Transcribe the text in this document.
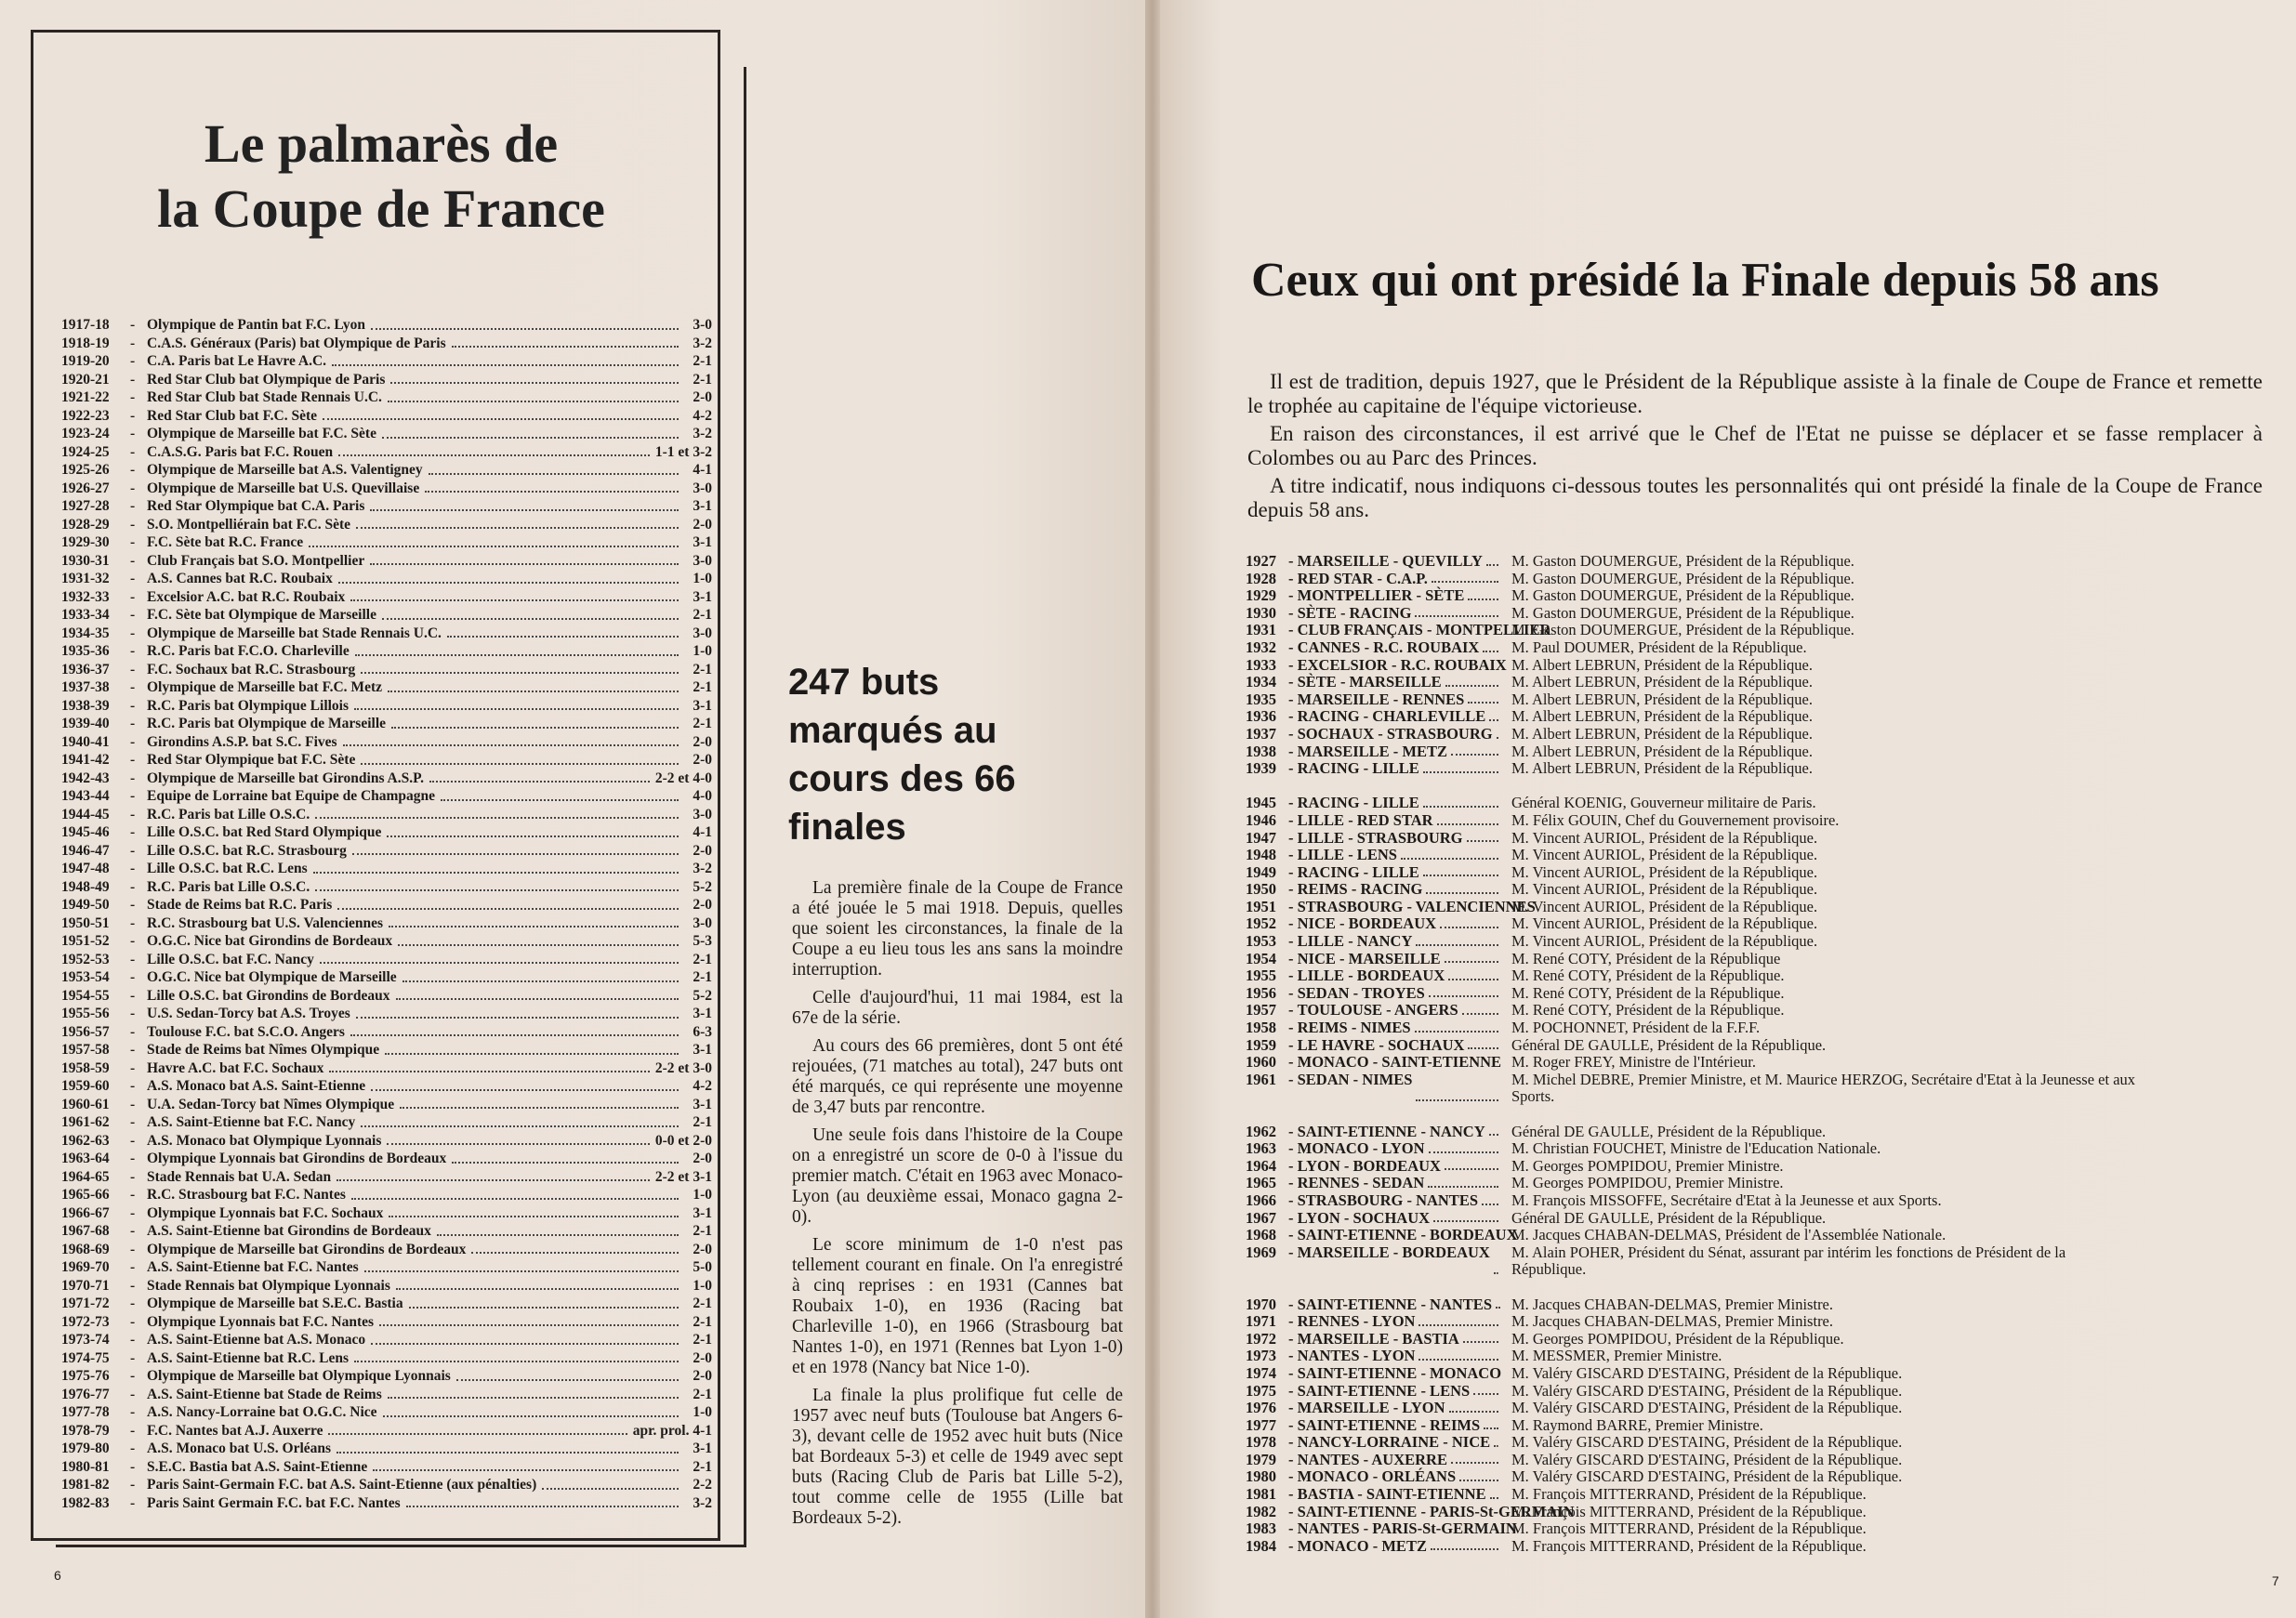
Le palmarès de
la Coupe de France
1917-18	- Olympique de Pantin bat F.C. Lyon	3-0
1918-19	- C.A.S. Généraux (Paris) bat Olympique de Paris	3-2
1919-20	- C.A. Paris bat Le Havre A.C.	2-1
1920-21	- Red Star Club bat Olympique de Paris	2-1
1921-22	- Red Star Club bat Stade Rennais U.C.	2-0
1922-23	- Red Star Club bat F.C. Sète	4-2
1923-24	- Olympique de Marseille bat F.C. Sète	3-2
1924-25	- C.A.S.G. Paris bat F.C. Rouen	1-1 et 3-2
1925-26	- Olympique de Marseille bat A.S. Valentigney	4-1
1926-27	- Olympique de Marseille bat U.S. Quevillaise	3-0
1927-28	- Red Star Olympique bat C.A. Paris	3-1
1928-29	- S.O. Montpelliérain bat F.C. Sète	2-0
1929-30	- F.C. Sète bat R.C. France	3-1
1930-31	- Club Français bat S.O. Montpellier	3-0
1931-32	- A.S. Cannes bat R.C. Roubaix	1-0
1932-33	- Excelsior A.C. bat R.C. Roubaix	3-1
1933-34	- F.C. Sète bat Olympique de Marseille	2-1
1934-35	- Olympique de Marseille bat Stade Rennais U.C.	3-0
1935-36	- R.C. Paris bat F.C.O. Charleville	1-0
1936-37	- F.C. Sochaux bat R.C. Strasbourg	2-1
1937-38	- Olympique de Marseille bat F.C. Metz	2-1
1938-39	- R.C. Paris bat Olympique Lillois	3-1
1939-40	- R.C. Paris bat Olympique de Marseille	2-1
1940-41	- Girondins A.S.P. bat S.C. Fives	2-0
1941-42	- Red Star Olympique bat F.C. Sète	2-0
1942-43	- Olympique de Marseille bat Girondins A.S.P.	2-2 et 4-0
1943-44	- Equipe de Lorraine bat Equipe de Champagne	4-0
1944-45	- R.C. Paris bat Lille O.S.C.	3-0
1945-46	- Lille O.S.C. bat Red Stard Olympique	4-1
1946-47	- Lille O.S.C. bat R.C. Strasbourg	2-0
1947-48	- Lille O.S.C. bat R.C. Lens	3-2
1948-49	- R.C. Paris bat Lille O.S.C.	5-2
1949-50	- Stade de Reims bat R.C. Paris	2-0
1950-51	- R.C. Strasbourg bat U.S. Valenciennes	3-0
1951-52	- O.G.C. Nice bat Girondins de Bordeaux	5-3
1952-53	- Lille O.S.C. bat F.C. Nancy	2-1
1953-54	- O.G.C. Nice bat Olympique de Marseille	2-1
1954-55	- Lille O.S.C. bat Girondins de Bordeaux	5-2
1955-56	- U.S. Sedan-Torcy bat A.S. Troyes	3-1
1956-57	- Toulouse F.C. bat S.C.O. Angers	6-3
1957-58	- Stade de Reims bat Nîmes Olympique	3-1
1958-59	- Havre A.C. bat F.C. Sochaux	2-2 et 3-0
1959-60	- A.S. Monaco bat A.S. Saint-Etienne	4-2
1960-61	- U.A. Sedan-Torcy bat Nîmes Olympique	3-1
1961-62	- A.S. Saint-Etienne bat F.C. Nancy	2-1
1962-63	- A.S. Monaco bat Olympique Lyonnais	0-0 et 2-0
1963-64	- Olympique Lyonnais bat Girondins de Bordeaux	2-0
1964-65	- Stade Rennais bat U.A. Sedan	2-2 et 3-1
1965-66	- R.C. Strasbourg bat F.C. Nantes	1-0
1966-67	- Olympique Lyonnais bat F.C. Sochaux	3-1
1967-68	- A.S. Saint-Etienne bat Girondins de Bordeaux	2-1
1968-69	- Olympique de Marseille bat Girondins de Bordeaux	2-0
1969-70	- A.S. Saint-Etienne bat F.C. Nantes	5-0
1970-71	- Stade Rennais bat Olympique Lyonnais	1-0
1971-72	- Olympique de Marseille bat S.E.C. Bastia	2-1
1972-73	- Olympique Lyonnais bat F.C. Nantes	2-1
1973-74	- A.S. Saint-Etienne bat A.S. Monaco	2-1
1974-75	- A.S. Saint-Etienne bat R.C. Lens	2-0
1975-76	- Olympique de Marseille bat Olympique Lyonnais	2-0
1976-77	- A.S. Saint-Etienne bat Stade de Reims	2-1
1977-78	- A.S. Nancy-Lorraine bat O.G.C. Nice	1-0
1978-79	- F.C. Nantes bat A.J. Auxerre	apr. prol. 4-1
1979-80	- A.S. Monaco bat U.S. Orléans	3-1
1980-81	- S.E.C. Bastia bat A.S. Saint-Etienne	2-1
1981-82	- Paris Saint-Germain F.C. bat A.S. Saint-Etienne (aux pénalties)	2-2
1982-83	- Paris Saint Germain F.C. bat F.C. Nantes	3-2
247 buts marqués au cours des 66 finales

La première finale de la Coupe de France a été jouée le 5 mai 1918. Depuis, quelles que soient les circonstances, la finale de la Coupe a eu lieu tous les ans sans la moindre interruption.

Celle d'aujourd'hui, 11 mai 1984, est la 67e de la série.

Au cours des 66 premières, dont 5 ont été rejouées, (71 matches au total), 247 buts ont été marqués, ce qui représente une moyenne de 3,47 buts par rencontre.

Une seule fois dans l'histoire de la Coupe on a enregistré un score de 0-0 à l'issue du premier match. C'était en 1963 avec Monaco-Lyon (au deuxième essai, Monaco gagna 2-0).

Le score minimum de 1-0 n'est pas tellement courant en finale. On l'a enregistré à cinq reprises : en 1931 (Cannes bat Roubaix 1-0), en 1936 (Racing bat Charleville 1-0), en 1966 (Strasbourg bat Nantes 1-0), en 1971 (Rennes bat Lyon 1-0) et en 1978 (Nancy bat Nice 1-0).

La finale la plus prolifique fut celle de 1957 avec neuf buts (Toulouse bat Angers 6-3), devant celle de 1952 avec huit buts (Nice bat Bordeaux 5-3) et celle de 1949 avec sept buts (Racing Club de Paris bat Lille 5-2), tout comme celle de 1955 (Lille bat Bordeaux 5-2).

6
Ceux qui ont présidé la Finale depuis 58 ans

Il est de tradition, depuis 1927, que le Président de la République assiste à la finale de Coupe de France et remette le trophée au capitaine de l'équipe victorieuse.

En raison des circonstances, il est arrivé que le Chef de l'Etat ne puisse se déplacer et se fasse remplacer à Colombes ou au Parc des Princes.

A titre indicatif, nous indiquons ci-dessous toutes les personnalités qui ont présidé la finale de la Coupe de France depuis 58 ans.

1927 - MARSEILLE - QUEVILLY M. Gaston DOUMERGUE, Président de la République.
1928 - RED STAR - C.A.P.	M. Gaston DOUMERGUE, Président de la République.
1929 - MONTPELLIER - SÈTE	M. Gaston DOUMERGUE, Président de la République.
1930 - SÈTE - RACING	M. Gaston DOUMERGUE, Président de la République.
1931 - CLUB FRANÇAIS - MONTPELLIER
M. Gaston DOUMERGUE, Président de la République.
1932 - CANNES - R.C. ROUBAIX M. Paul DOUMER, Président de la République.
1933 - EXCELSIOR - R.C. ROUBAIX M. Albert LEBRUN, Président de la République.
1934 - SÈTE - MARSEILLE	M. Albert LEBRUN, Président de la République.
1935 - MARSEILLE - RENNES	M. Albert LEBRUN, Président de la République.
1936 - RACING - CHARLEVILLE M. Albert LEBRUN, Président de la République.
1937 - SOCHAUX - STRASBOURG M. Albert LEBRUN, Président de la République.
1938 - MARSEILLE - METZ	M. Albert LEBRUN, Président de la République.
1939 - RACING - LILLE	M. Albert LEBRUN, Président de la République.
1945 - RACING - LILLE	Général KOENIG, Gouverneur militaire de Paris.
1946 - LILLE - RED STAR	M. Félix GOUIN, Chef du Gouvernement provisoire.
1947 - LILLE - STRASBOURG	M. Vincent AURIOL, Président de la République.
1948 - LILLE - LENS	M. Vincent AURIOL, Président de la République.
1949 - RACING - LILLE	M. Vincent AURIOL, Président de la République.
1950 - REIMS - RACING	M. Vincent AURIOL, Président de la République.
1951 - STRASBOURG - VALENCIENNES
M. Vincent AURIOL, Président de la République.
1952 - NICE - BORDEAUX	M. Vincent AURIOL, Président de la République.
1953 - LILLE - NANCY	M. Vincent AURIOL, Président de la République.
1954 - NICE - MARSEILLE	M. René COTY, Président de la République
1955 - LILLE - BORDEAUX	M. René COTY, Président de la République.
1956 - SEDAN - TROYES	M. René COTY, Président de la République.
1957 - TOULOUSE - ANGERS	M. René COTY, Président de la République.
1958 - REIMS - NIMES	M. POCHONNET, Président de la F.F.F.
1959 - LE HAVRE - SOCHAUX	Général DE GAULLE, Président de la République.
1960 - MONACO - SAINT-ETIENNE M. Roger FREY, Ministre de l'Intérieur.
1961 - SEDAN - NIMES	M. Michel DEBRE, Premier Ministre, et M. Maurice HERZOG, Secrétaire d'Etat à la Jeunesse et aux Sports.
1962 - SAINT-ETIENNE - NANCY Général DE GAULLE, Président de la République.
1963 - MONACO - LYON	M. Christian FOUCHET, Ministre de l'Education Nationale.
1964 - LYON - BORDEAUX	M. Georges POMPIDOU, Premier Ministre.
1965 - RENNES - SEDAN	M. Georges POMPIDOU, Premier Ministre.
1966 - STRASBOURG - NANTES M. François MISSOFFE, Secrétaire d'Etat à la Jeunesse et aux Sports.
1967 - LYON - SOCHAUX	Général DE GAULLE, Président de la République.
1968 - SAINT-ETIENNE - BORDEAUX
M. Jacques CHABAN-DELMAS, Président de l'Assemblée Nationale.
1969 - MARSEILLE - BORDEAUX M. Alain POHER, Président du Sénat, assurant par intérim les fonctions de Président de la République.
1970 - SAINT-ETIENNE - NANTES M. Jacques CHABAN-DELMAS, Premier Ministre.
1971 - RENNES - LYON	M. Jacques CHABAN-DELMAS, Premier Ministre.
1972 - MARSEILLE - BASTIA	M. Georges POMPIDOU, Président de la République.
1973 - NANTES - LYON	M. MESSMER, Premier Ministre.
1974 - SAINT-ETIENNE - MONACO M. Valéry GISCARD D'ESTAING, Président de la République.
1975 - SAINT-ETIENNE - LENS	M. Valéry GISCARD D'ESTAING, Président de la République.
1976 - MARSEILLE - LYON	M. Valéry GISCARD D'ESTAING, Président de la République.
1977 - SAINT-ETIENNE - REIMS M. Raymond BARRE, Premier Ministre.
1978 - NANCY-LORRAINE - NICE M. Valéry GISCARD D'ESTAING, Président de la République.
1979 - NANTES - AUXERRE	M. Valéry GISCARD D'ESTAING, Président de la République.
1980 - MONACO - ORLÉANS	M. Valéry GISCARD D'ESTAING, Président de la République.
1981 - BASTIA - SAINT-ETIENNE M. François MITTERRAND, Président de la République.
1982 - SAINT-ETIENNE - PARIS-St-GERMAIN
M. François MITTERRAND, Président de la République.
1983 - NANTES - PARIS-St-GERMAIN
M. François MITTERRAND, Président de la République.
1984 - MONACO - METZ	M. François MITTERRAND, Président de la République.
7
